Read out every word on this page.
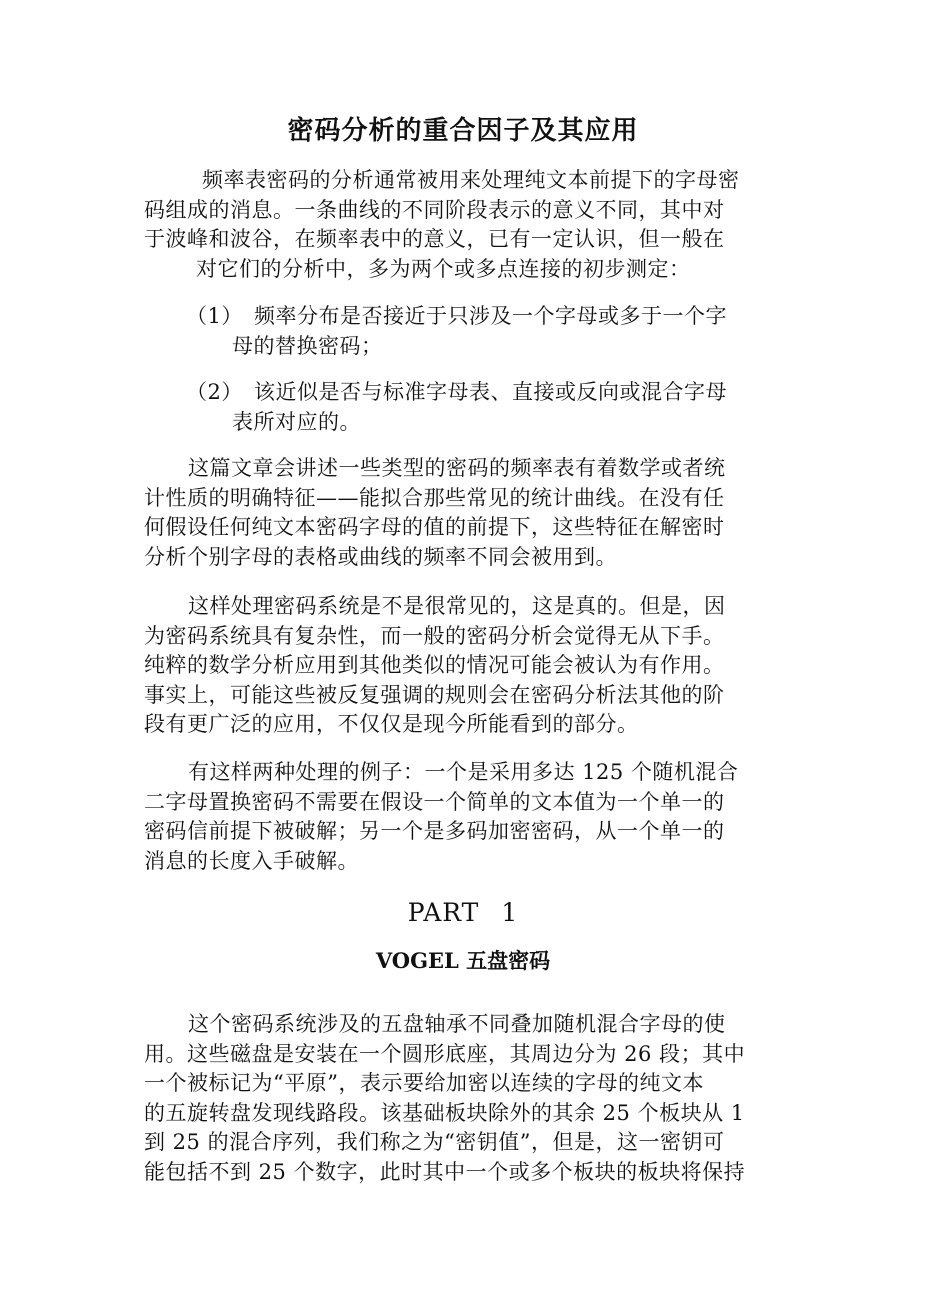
密码分析的重合因子及其应用
频率表密码的分析通常被用来处理纯文本前提下的字母密
码组成的消息。一条曲线的不同阶段表示的意义不同，其中对
于波峰和波谷，在频率表中的意义，已有一定认识，但一般在
对它们的分析中，多为两个或多点连接的初步测定：
（1） 频率分布是否接近于只涉及一个字母或多于一个字
母的替换密码；
（2） 该近似是否与标准字母表、直接或反向或混合字母
表所对应的。
这篇文章会讲述一些类型的密码的频率表有着数学或者统
计性质的明确特征——能拟合那些常见的统计曲线。在没有任
何假设任何纯文本密码字母的值的前提下，这些特征在解密时
分析个别字母的表格或曲线的频率不同会被用到。
这样处理密码系统是不是很常见的，这是真的。但是，因
为密码系统具有复杂性，而一般的密码分析会觉得无从下手。
纯粹的数学分析应用到其他类似的情况可能会被认为有作用。
事实上，可能这些被反复强调的规则会在密码分析法其他的阶
段有更广泛的应用，不仅仅是现今所能看到的部分。
有这样两种处理的例子：一个是采用多达 125 个随机混合
二字母置换密码不需要在假设一个简单的文本值为一个单一的
密码信前提下被破解；另一个是多码加密密码，从一个单一的
消息的长度入手破解。
PART 1
VOGEL 五盘密码
这个密码系统涉及的五盘轴承不同叠加随机混合字母的使
用。这些磁盘是安装在一个圆形底座，其周边分为 26 段；其中
一个被标记为“平原”，表示要给加密以连续的字母的纯文本
的五旋转盘发现线路段。该基础板块除外的其余 25 个板块从 1
到 25 的混合序列，我们称之为“密钥值”，但是，这一密钥可
能包括不到 25 个数字，此时其中一个或多个板块的板块将保持
